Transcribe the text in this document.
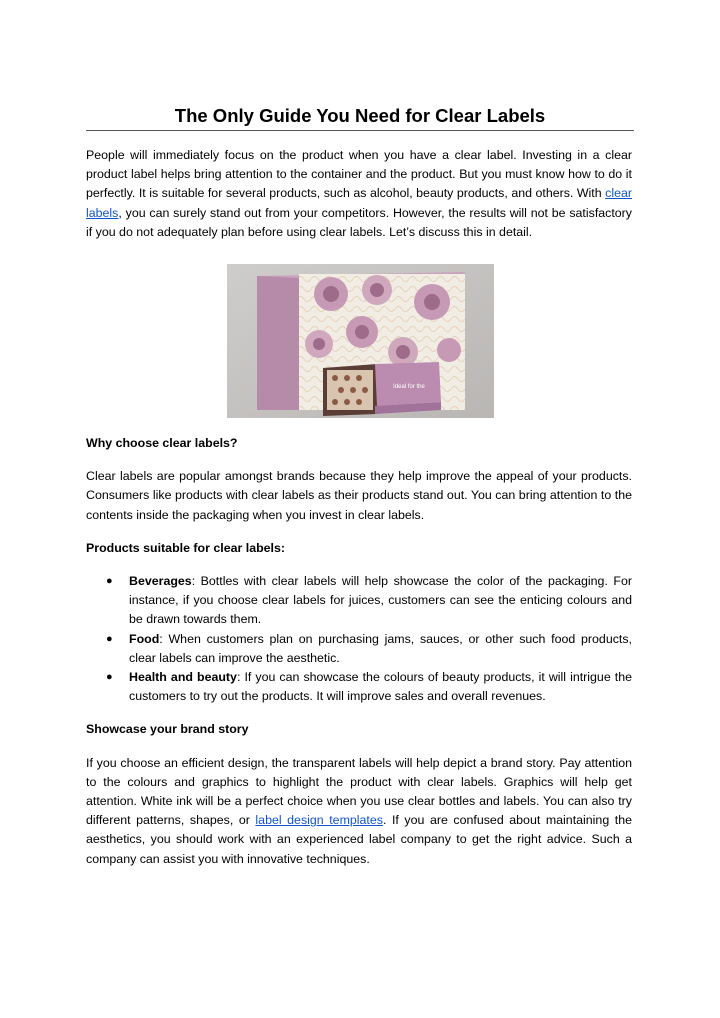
The Only Guide You Need for Clear Labels

People will immediately focus on the product when you have a clear label. Investing in a clear product label helps bring attention to the container and the product. But you must know how to do it perfectly. It is suitable for several products, such as alcohol, beauty products, and others. With clear labels, you can surely stand out from your competitors. However, the results will not be satisfactory if you do not adequately plan before using clear labels. Let’s discuss this in detail.

Ideal for the
Why choose clear labels?

Clear labels are popular amongst brands because they help improve the appeal of your products. Consumers like products with clear labels as their products stand out. You can bring attention to the contents inside the packaging when you invest in clear labels.

Products suitable for clear labels:
● Beverages: Bottles with clear labels will help showcase the color of the packaging. For instance, if you choose clear labels for juices, customers can see the enticing colours and be drawn towards them.
● Food: When customers plan on purchasing jams, sauces, or other such food products, clear labels can improve the aesthetic.
● Health and beauty: If you can showcase the colours of beauty products, it will intrigue the customers to try out the products. It will improve sales and overall revenues.
Showcase your brand story

If you choose an efficient design, the transparent labels will help depict a brand story. Pay attention to the colours and graphics to highlight the product with clear labels. Graphics will help get attention. White ink will be a perfect choice when you use clear bottles and labels. You can also try different patterns, shapes, or label design templates. If you are confused about maintaining the aesthetics, you should work with an experienced label company to get the right advice. Such a company can assist you with innovative techniques.
